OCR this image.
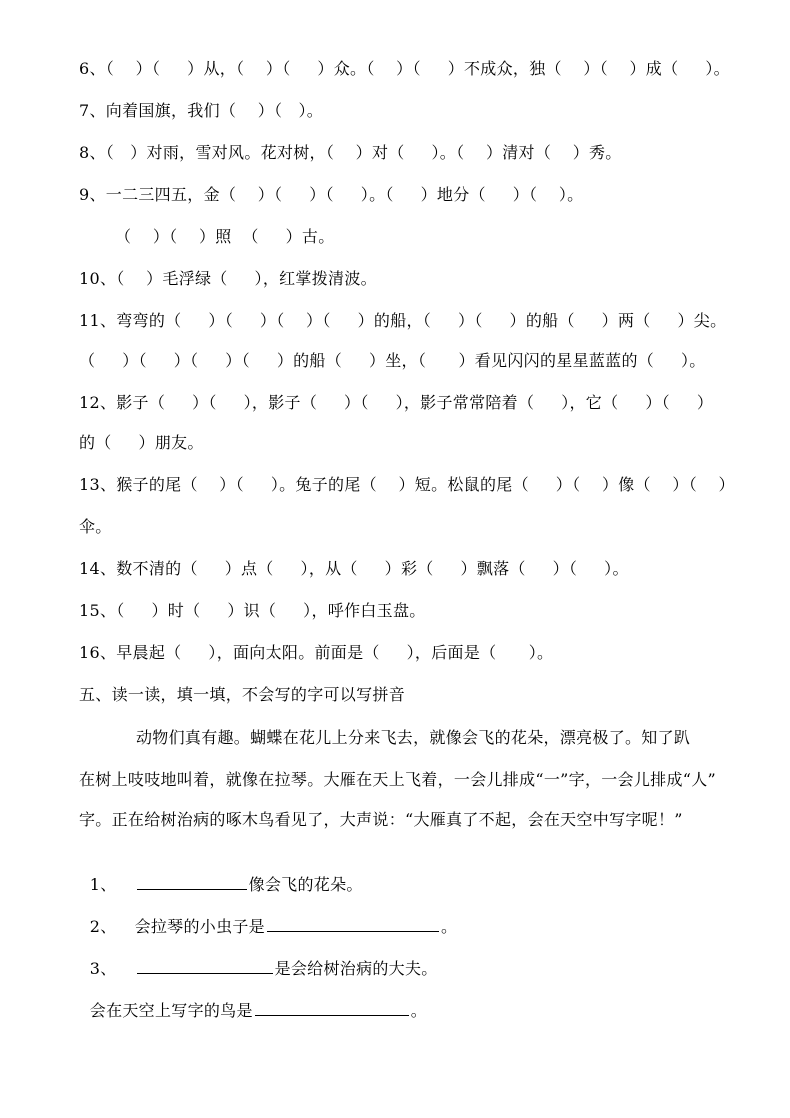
6、（    ）（     ）从，（    ）（     ）众。（    ）（     ）不成众，独（    ）（    ）成（     ）。
7、向着国旗，我们（    ）（   ）。
8、（   ）对雨，雪对风。花对树，（    ）对（     ）。（    ）清对（    ）秀。
9、一二三四五，金（    ）（     ）（     ）。（     ）地分（     ）（    ）。
（    ）（    ）照  （     ）古。
10、（    ）毛浮绿（     ），红掌拨清波。
11、弯弯的（     ）（     ）（    ）（     ）的船，（     ）（     ）的船（     ）两（     ）尖。
（     ）（     ）（     ）（     ）的船（     ）坐，（      ）看见闪闪的星星蓝蓝的（     ）。
12、影子（     ）（     ），影子（     ）（     ），影子常常陪着（     ），它（     ）（     ）
的（     ）朋友。
13、猴子的尾（    ）（     ）。兔子的尾（    ）短。松鼠的尾（     ）（    ）像（    ）（    ）
伞。
14、数不清的（     ）点（     ），从（     ）彩（     ）飘落（     ）（     ）。
15、（     ）时（     ）识（     ），呼作白玉盘。
16、早晨起（     ），面向太阳。前面是（     ），后面是（      ）。
五、读一读，填一填，不会写的字可以写拼音
动物们真有趣。蝴蝶在花儿上分来飞去，就像会飞的花朵，漂亮极了。知了趴
在树上吱吱地叫着，就像在拉琴。大雁在天上飞着，一会儿排成“一”字，一会儿排成“人”
字。正在给树治病的啄木鸟看见了，大声说：“大雁真了不起，会在天空中写字呢！”

1、	像会飞的花朵。

2、 会拉琴的小虫子是	。

3、	是会给树治病的大夫。

会在天空上写字的鸟是	。
